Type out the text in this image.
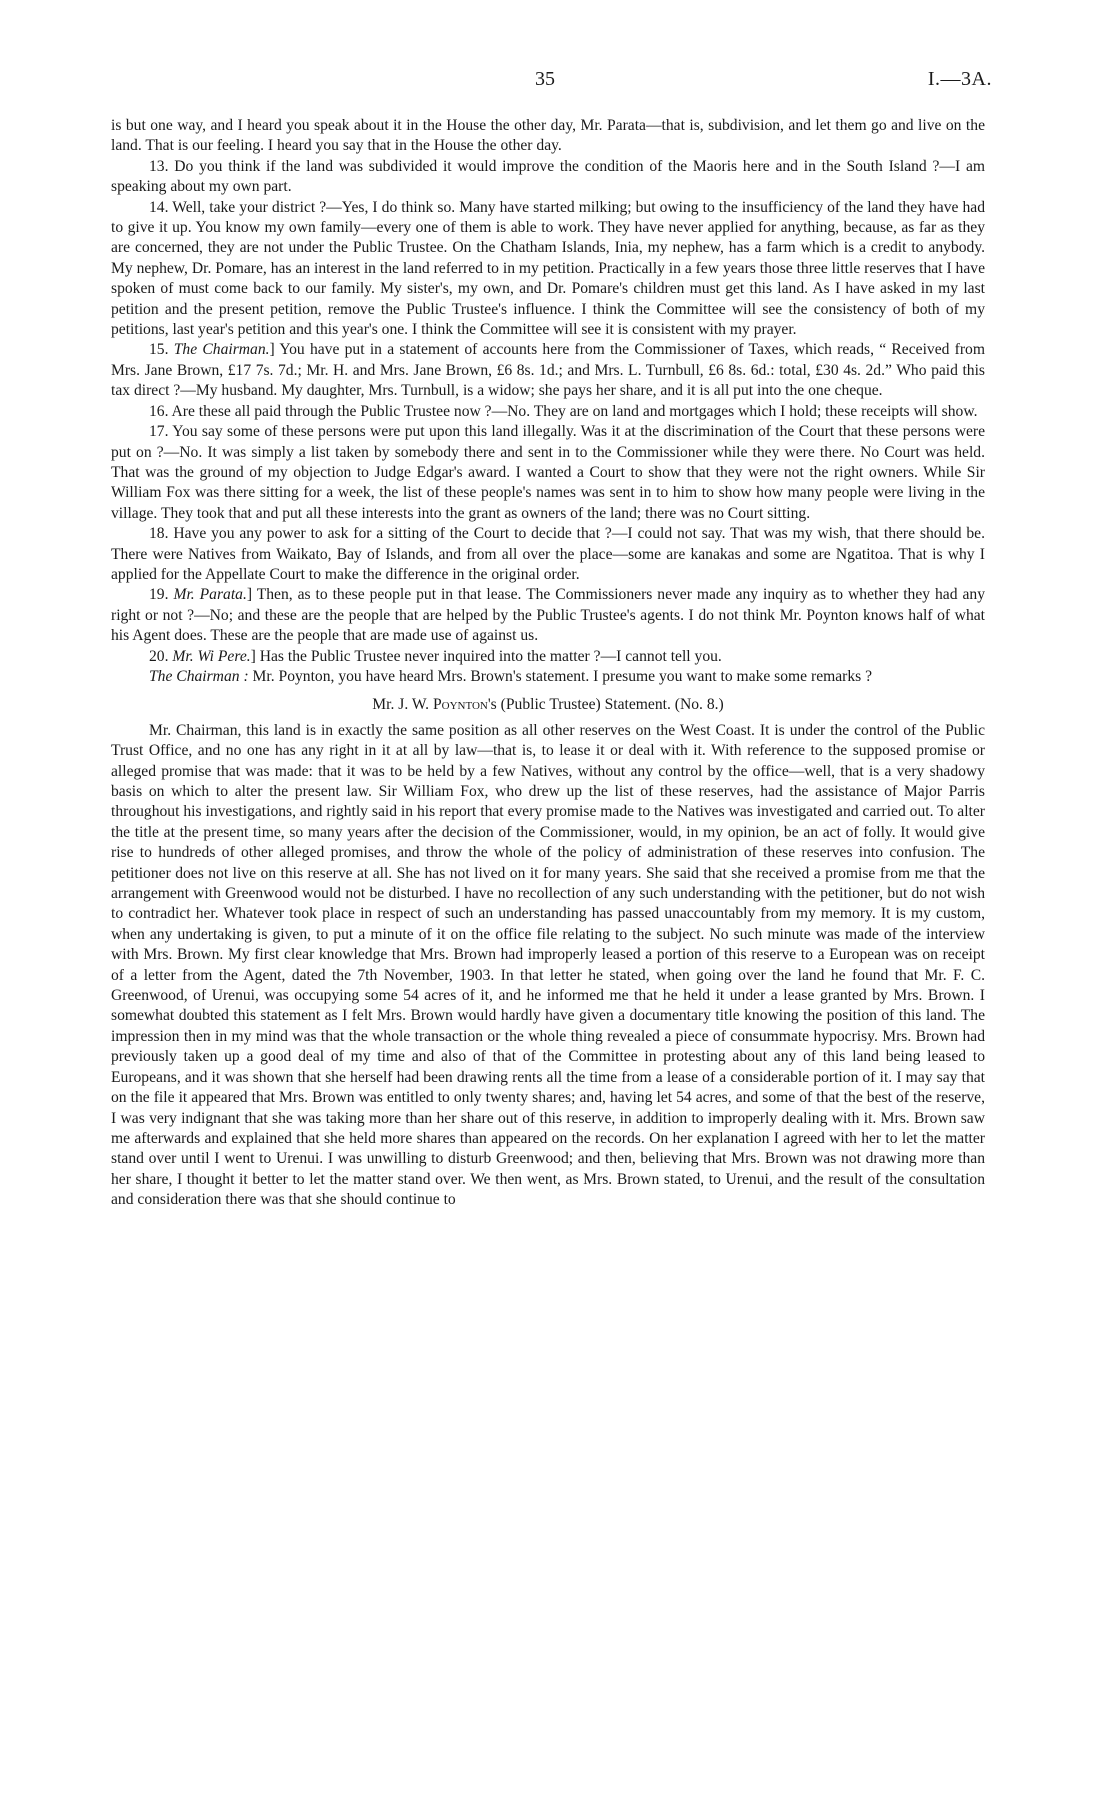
35	I.—3A.

is but one way, and I heard you speak about it in the House the other day, Mr. Parata—that is, subdivision, and let them go and live on the land. That is our feeling. I heard you say that in the House the other day.

13. Do you think if the land was subdivided it would improve the condition of the Maoris here and in the South Island ?—I am speaking about my own part.

14. Well, take your district ?—Yes, I do think so. Many have started milking; but owing to the insufficiency of the land they have had to give it up. You know my own family—every one of them is able to work. They have never applied for anything, because, as far as they are concerned, they are not under the Public Trustee. On the Chatham Islands, Inia, my nephew, has a farm which is a credit to anybody. My nephew, Dr. Pomare, has an interest in the land referred to in my petition. Practically in a few years those three little reserves that I have spoken of must come back to our family. My sister's, my own, and Dr. Pomare's children must get this land. As I have asked in my last petition and the present petition, remove the Public Trustee's influence. I think the Committee will see the consistency of both of my petitions, last year's petition and this year's one. I think the Committee will see it is consistent with my prayer.

15. The Chairman.] You have put in a statement of accounts here from the Commissioner of Taxes, which reads, “ Received from Mrs. Jane Brown, £17 7s. 7d.; Mr. H. and Mrs. Jane Brown, £6 8s. 1d.; and Mrs. L. Turnbull, £6 8s. 6d.: total, £30 4s. 2d.” Who paid this tax direct ?—My husband. My daughter, Mrs. Turnbull, is a widow; she pays her share, and it is all put into the one cheque.

16. Are these all paid through the Public Trustee now ?—No. They are on land and mortgages which I hold; these receipts will show.

17. You say some of these persons were put upon this land illegally. Was it at the discrimination of the Court that these persons were put on ?—No. It was simply a list taken by somebody there and sent in to the Commissioner while they were there. No Court was held. That was the ground of my objection to Judge Edgar's award. I wanted a Court to show that they were not the right owners. While Sir William Fox was there sitting for a week, the list of these people's names was sent in to him to show how many people were living in the village. They took that and put all these interests into the grant as owners of the land; there was no Court sitting.

18. Have you any power to ask for a sitting of the Court to decide that ?—I could not say. That was my wish, that there should be. There were Natives from Waikato, Bay of Islands, and from all over the place—some are kanakas and some are Ngatitoa. That is why I applied for the Appellate Court to make the difference in the original order.

19. Mr. Parata.] Then, as to these people put in that lease. The Commissioners never made any inquiry as to whether they had any right or not ?—No; and these are the people that are helped by the Public Trustee's agents. I do not think Mr. Poynton knows half of what his Agent does. These are the people that are made use of against us.

20. Mr. Wi Pere.] Has the Public Trustee never inquired into the matter ?—I cannot tell you.

The Chairman : Mr. Poynton, you have heard Mrs. Brown's statement. I presume you want to make some remarks ?

Mr. J. W. Poynton's (Public Trustee) Statement. (No. 8.)

Mr. Chairman, this land is in exactly the same position as all other reserves on the West Coast. It is under the control of the Public Trust Office, and no one has any right in it at all by law—that is, to lease it or deal with it. With reference to the supposed promise or alleged promise that was made: that it was to be held by a few Natives, without any control by the office—well, that is a very shadowy basis on which to alter the present law. Sir William Fox, who drew up the list of these reserves, had the assistance of Major Parris throughout his investigations, and rightly said in his report that every promise made to the Natives was investigated and carried out. To alter the title at the present time, so many years after the decision of the Commissioner, would, in my opinion, be an act of folly. It would give rise to hundreds of other alleged promises, and throw the whole of the policy of administration of these reserves into confusion. The petitioner does not live on this reserve at all. She has not lived on it for many years. She said that she received a promise from me that the arrangement with Greenwood would not be disturbed. I have no recollection of any such understanding with the petitioner, but do not wish to contradict her. Whatever took place in respect of such an understanding has passed unaccountably from my memory. It is my custom, when any undertaking is given, to put a minute of it on the office file relating to the subject. No such minute was made of the interview with Mrs. Brown. My first clear knowledge that Mrs. Brown had improperly leased a portion of this reserve to a European was on receipt of a letter from the Agent, dated the 7th November, 1903. In that letter he stated, when going over the land he found that Mr. F. C. Greenwood, of Urenui, was occupying some 54 acres of it, and he informed me that he held it under a lease granted by Mrs. Brown. I somewhat doubted this statement as I felt Mrs. Brown would hardly have given a documentary title knowing the position of this land. The impression then in my mind was that the whole transaction or the whole thing revealed a piece of consummate hypocrisy. Mrs. Brown had previously taken up a good deal of my time and also of that of the Committee in protesting about any of this land being leased to Europeans, and it was shown that she herself had been drawing rents all the time from a lease of a considerable portion of it. I may say that on the file it appeared that Mrs. Brown was entitled to only twenty shares; and, having let 54 acres, and some of that the best of the reserve, I was very indignant that she was taking more than her share out of this reserve, in addition to improperly dealing with it. Mrs. Brown saw me afterwards and explained that she held more shares than appeared on the records. On her explanation I agreed with her to let the matter stand over until I went to Urenui. I was unwilling to disturb Greenwood; and then, believing that Mrs. Brown was not drawing more than her share, I thought it better to let the matter stand over. We then went, as Mrs. Brown stated, to Urenui, and the result of the consultation and consideration there was that she should continue to
